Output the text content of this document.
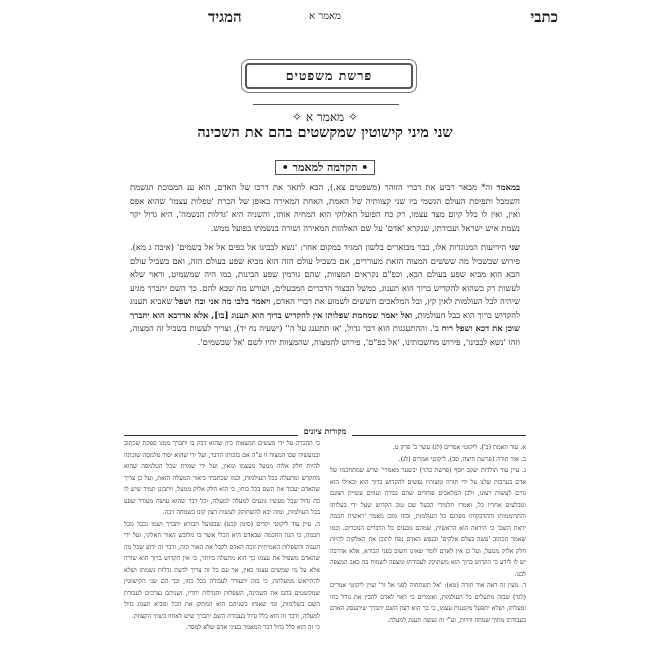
כתבי
מאמר א
המגיד
פרשת משפטים
✧ מאמר א ✧
שני מיני קישוטין שמקשטים בהם את השכינה
• הקדמה למאמר •

במאמר זה* מבאר רביע את דברי הזוהר (משפטים צא.), הבא לתאר את דרכו של האדם, הוא ענ המבוכת הגשמת השמבל ותפיסת העולם הגשמי ביו שני קצוותיה של האמת, האחת המאירה באופן של הכרת 'טפלות עצמו' שהוא אפס ואין, ואין לו כלל קיום מצד עצמו, רק כח הפועל האלוקי הוא המחיה אותו, והשניה היא 'גדלות הנשמה', היא גדול יקר נשמת איש ישראל ועבודתו, שנקרא 'אדם' על שם האלהות המאירה ושורה בנשמתו בפועל ממש.

שני הידיעות המנוגדות אלו, כבר מבוארים בלשון המגיד במקום אחר: 'נשא לבבינו אל כפים אל אל בשמים' (איכה ג מא). פירוש שבשביל מה שששים המצוה הזאת מעוררים, אם בשביל עולם הזה הוא מביא שפע בעולם הזה, ואם בשביל עולם הבא הוא מביא שפע בעולם הבא, וכפ"ם נקראים המצוות, שהם גורמין שפע הבינות, כמו היה שמשמיט, וראוי שלא לעשות רק כשהוא להקדיש ברוך הוא תענוג, כמשל הבצור הדברים המבעלים, ושורש מה שבא להם. כך השם יתברך מגיע שיהיה לבל העולמות לאין קץ, ובל המלאכים חששים לשמוע את דברי האדם, ויאמר בלבו מה אני ובה ושפל שאביא תענוג להקדוש ברוך הוא בבל העולמות, ואל יאמר שמחמת שפלותו אין להקדיש ברוך הוא תענוג [בו], אלא אדרבא הוא יתברך שוכן את דכא ושפל רוח ב'. וההתעגגות הוא דבר גדול, 'אז תתענג על ה'' (ישעיה נח יד), וצריך לעשות בשביל זה המצוה, וזהו 'נשא לבבינו', פירוש מחשבותינו, 'אל כפ"ם', פירוש להמצוה, שהמצוות יהיו לשם 'אל שבשמים'.

מקורות ציונים

א. עוד האמת (ב'). ליקוטי אמרים (לג) עשר ב' פרק ט.

ב. אור תורה (פרשת חיצה, סב). ליקוטי אמרים (לג).

ג. עיין עוד תולדות יעקב יוסף (פרשת בהר) יבשער מאמרי' שרש שמתחכמו של אדם בערבות שלנו על ידי תורה ומצותיו נפשים להקדוש ברוך הוא וכאילו הוא גורם לעשות רצונו, ולכן המלאכים פוחדים שהם גבורה ועוזים עשיית רצונם ומבלעים אחריו כל, ואמרו תלמידי הבעל שם טוב הקדוש שעל ידי בעלותו והתרוממותו והתדבקותו מפרנס כל העולמות, ובזה מובן מאמר 'ראשית חכמה יראת השם' כי היראה הוא הראשית, שמהם נובעים כל הדברים הנזכרים. וכמו שאמר הכתוב 'עשה בצלם אלקים' ובנפש האדם נפח לתוכו את האלקות להיות חלק אלוק ממעל, ועל כן אין לאדם לומר שאינו חשוב בפני הבורא, אלא אדרבה יש לו לידע כי הקדוש ברוך הוא משתוקק לעבודתו ומצפה לשמוח בה כאב המצפה לבנו.

ד. מעין זה ראה אור תורה (מא): 'אל תשתחוה לפני אל זר' ועיין ליקוטי אמרים (לגד) שבזה מתעלים כל העולמות, ואומרים כי ראוי לאדם להבין את גודל כחו ומעלתו, ושלא יתפעל מקטנות עצמו, כי כך הוא רצון השם יתברך שיתעסק האדם בעבודתו מתוך שמחה וחיות, וע"י זה נעשה תענוג למעלה.

כי ההכרה על ידי מעשים תמצאות כיון שהוא דבק בו יתברך ממנו ספקת שכתוב ובמעשיה שבו המצוה זו ע"ה אם בזכותו הדבר, ועל ידי שהוא יסוד טלמסה שזכתה להיות חלק אלוה ממעל מעצמו ומאין, ועל ידי שמרת שכל הטלמסה שהוא מתקדש ומתעלה בכל העולמות, וכמו שכתבתי ביאור המעלה הזאת, ועל כן צריך שהאדם יעבוד את השם בכל כוחו, כי הוא חלק אלוק ממעל, ויתבונן תמיד שיש לו כח גדול שכל מעשיו נוגעים למעלה למעלה, וכל דבר שהוא עושה מעורר שפע בכל העולמות, ומזה יבא להשתוקק לעשות רצון קונו בשמחה רבה.

ה. עיין עוד ליקוטי יקרים (סימן קכט) שבפועל הבורא יתברך ושמו נכבד מכל חכמה, כי הנה החכמה שבאדם היא הכלי אשר בו מלובש האור האלקי, ועל ידי הענוה והשפלות האמיתית זוכה האדם לקבל את האור הזה, ודבר זה ידוע שכל מה שהאדם משפיל את עצמו כך הוא מתעלה ביותר, כי אין הקדוש ברוך הוא שורה אלא על מי שמשים עצמו כאין, אך עם כל זה צריך לדעת גדלות נשמתו ושלא להתייאש ממעלתה, כי בזה יתעורר לעבודה בכל כחו, וכך הם שני הקישוטין שמקשטים בהם את השכינה, השפלות והגדלות יחדיו, ושניהם נצרכים לעבודת השם בשלימות, ומי שאוחז בשניהם הוא המתקן את הכל ומביא תענוג גדול למעלה, ודבר זה הוא כלל גדול בעבודת השם יתברך שיש לאחוז בשתי הקצוות.

כי זה הוא כלל גדול דבר המאמר בעיני אדם שלא למסר.
